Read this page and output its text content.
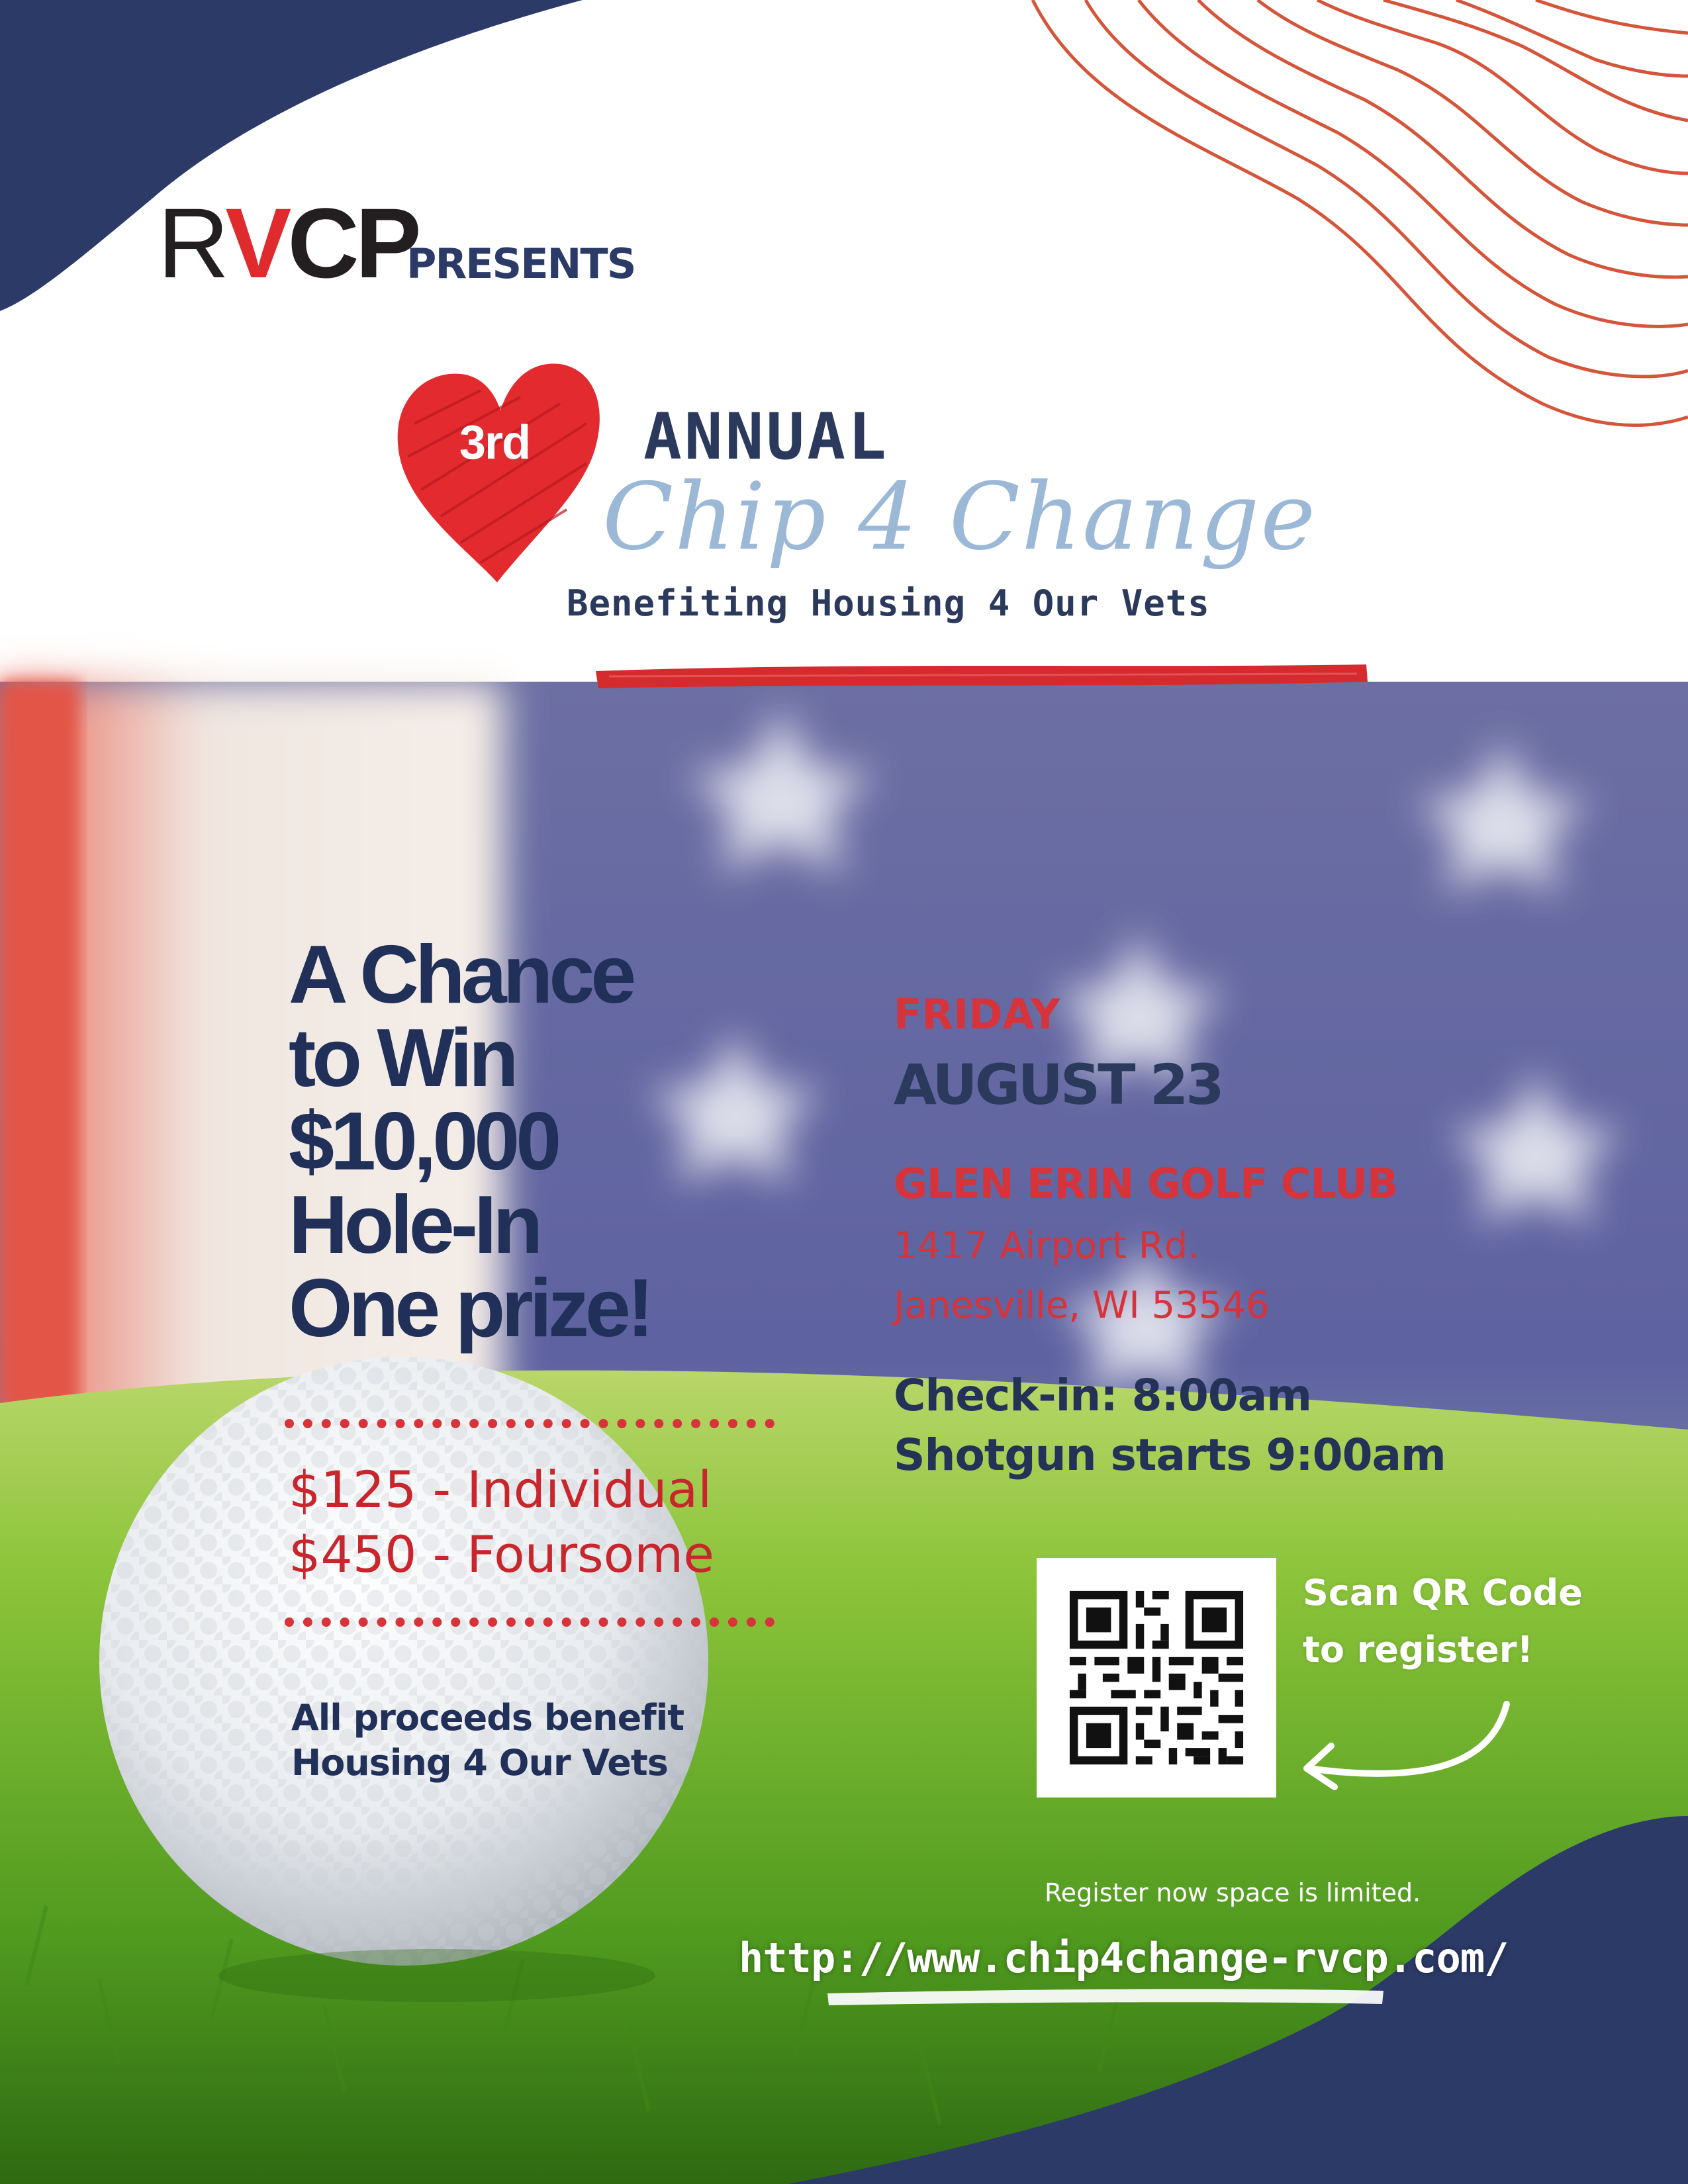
R V CP
PRESENTS
3rd ANNUAL
Chip 4 Change
Benefiting Housing 4 Our Vets
A Chance
to Win
$10,000
Hole-In
One prize!
$125 - Individual
$450 - Foursome
All proceeds benefit
Housing 4 Our Vets
FRIDAY
AUGUST 23
GLEN ERIN GOLF CLUB
1417 Airport Rd.
Janesville, WI 53546
Check-in: 8:00am
Shotgun starts 9:00am
Scan QR Code
to register!
Register now space is limited.
http://www.chip4change-rvcp.com/
